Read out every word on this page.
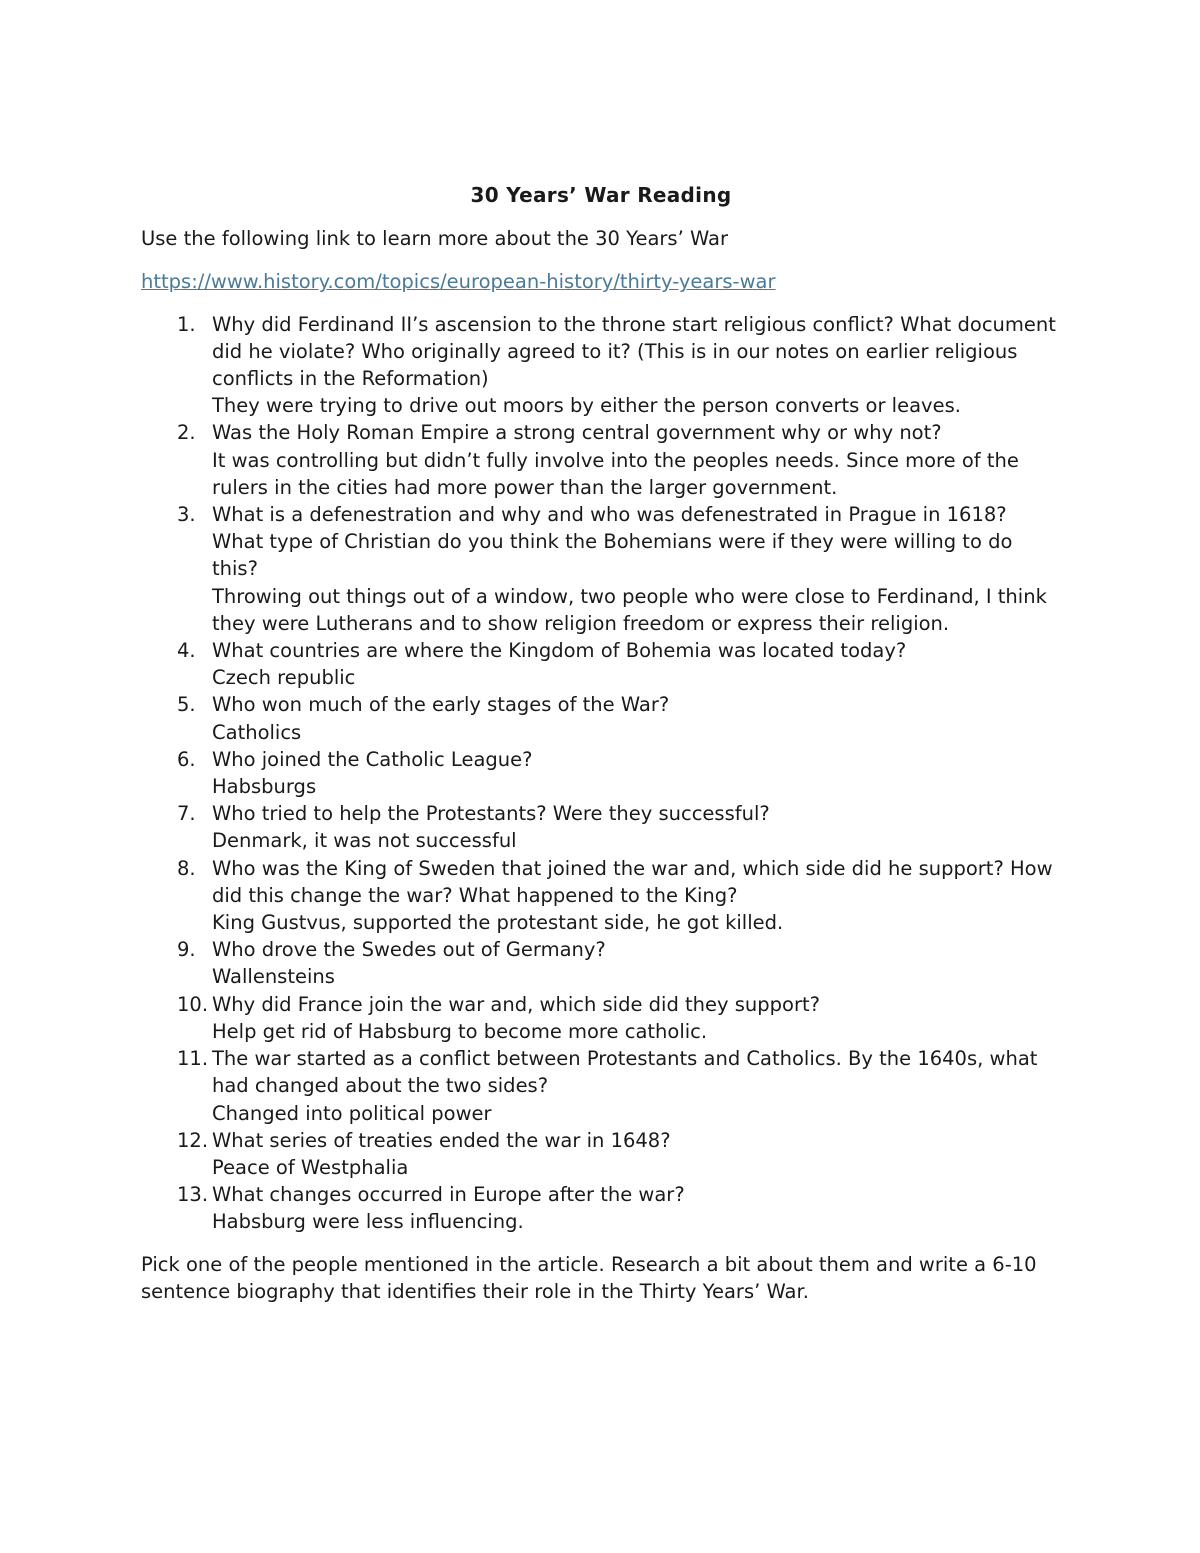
30 Years’ War Reading
Use the following link to learn more about the 30 Years’ War
https://www.history.com/topics/european-history/thirty-years-war
1. Why did Ferdinand II’s ascension to the throne start religious conflict? What document did he violate? Who originally agreed to it? (This is in our notes on earlier religious conflicts in the Reformation)
They were trying to drive out moors by either the person converts or leaves.
2. Was the Holy Roman Empire a strong central government why or why not?
It was controlling but didn’t fully involve into the peoples needs. Since more of the rulers in the cities had more power than the larger government.
3. What is a defenestration and why and who was defenestrated in Prague in 1618? What type of Christian do you think the Bohemians were if they were willing to do this?
Throwing out things out of a window, two people who were close to Ferdinand, I think they were Lutherans and to show religion freedom or express their religion.
4. What countries are where the Kingdom of Bohemia was located today?
Czech republic
5. Who won much of the early stages of the War?
Catholics
6. Who joined the Catholic League?
Habsburgs
7. Who tried to help the Protestants? Were they successful?
Denmark, it was not successful
8. Who was the King of Sweden that joined the war and, which side did he support? How did this change the war? What happened to the King?
King Gustvus, supported the protestant side, he got killed.
9. Who drove the Swedes out of Germany?
Wallensteins
10. Why did France join the war and, which side did they support?
Help get rid of Habsburg to become more catholic.
11. The war started as a conflict between Protestants and Catholics. By the 1640s, what had changed about the two sides?
Changed into political power
12. What series of treaties ended the war in 1648?
Peace of Westphalia
13. What changes occurred in Europe after the war?
Habsburg were less influencing.
Pick one of the people mentioned in the article. Research a bit about them and write a 6-10 sentence biography that identifies their role in the Thirty Years’ War.
